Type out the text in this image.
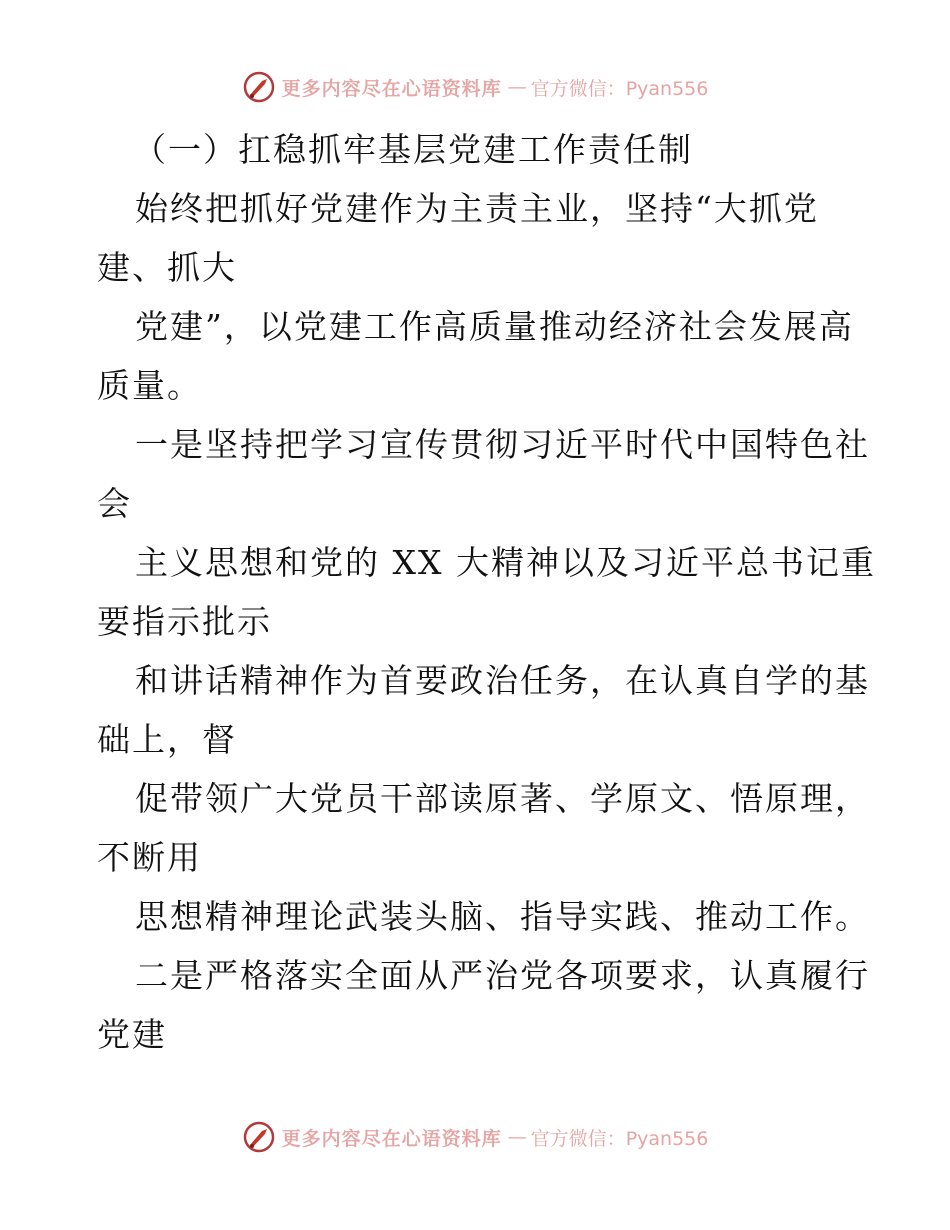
更多内容尽在心语资料库 — 官方微信：Pyan556
（一）扛稳抓牢基层党建工作责任制
始终把抓好党建作为主责主业，坚持“大抓党
建、抓大
党建”，以党建工作高质量推动经济社会发展高
质量。
一是坚持把学习宣传贯彻习近平时代中国特色社
会
主义思想和党的 XX 大精神以及习近平总书记重
要指示批示
和讲话精神作为首要政治任务，在认真自学的基
础上，督
促带领广大党员干部读原著、学原文、悟原理，
不断用
思想精神理论武装头脑、指导实践、推动工作。
二是严格落实全面从严治党各项要求，认真履行
党建
更多内容尽在心语资料库 — 官方微信：Pyan556
